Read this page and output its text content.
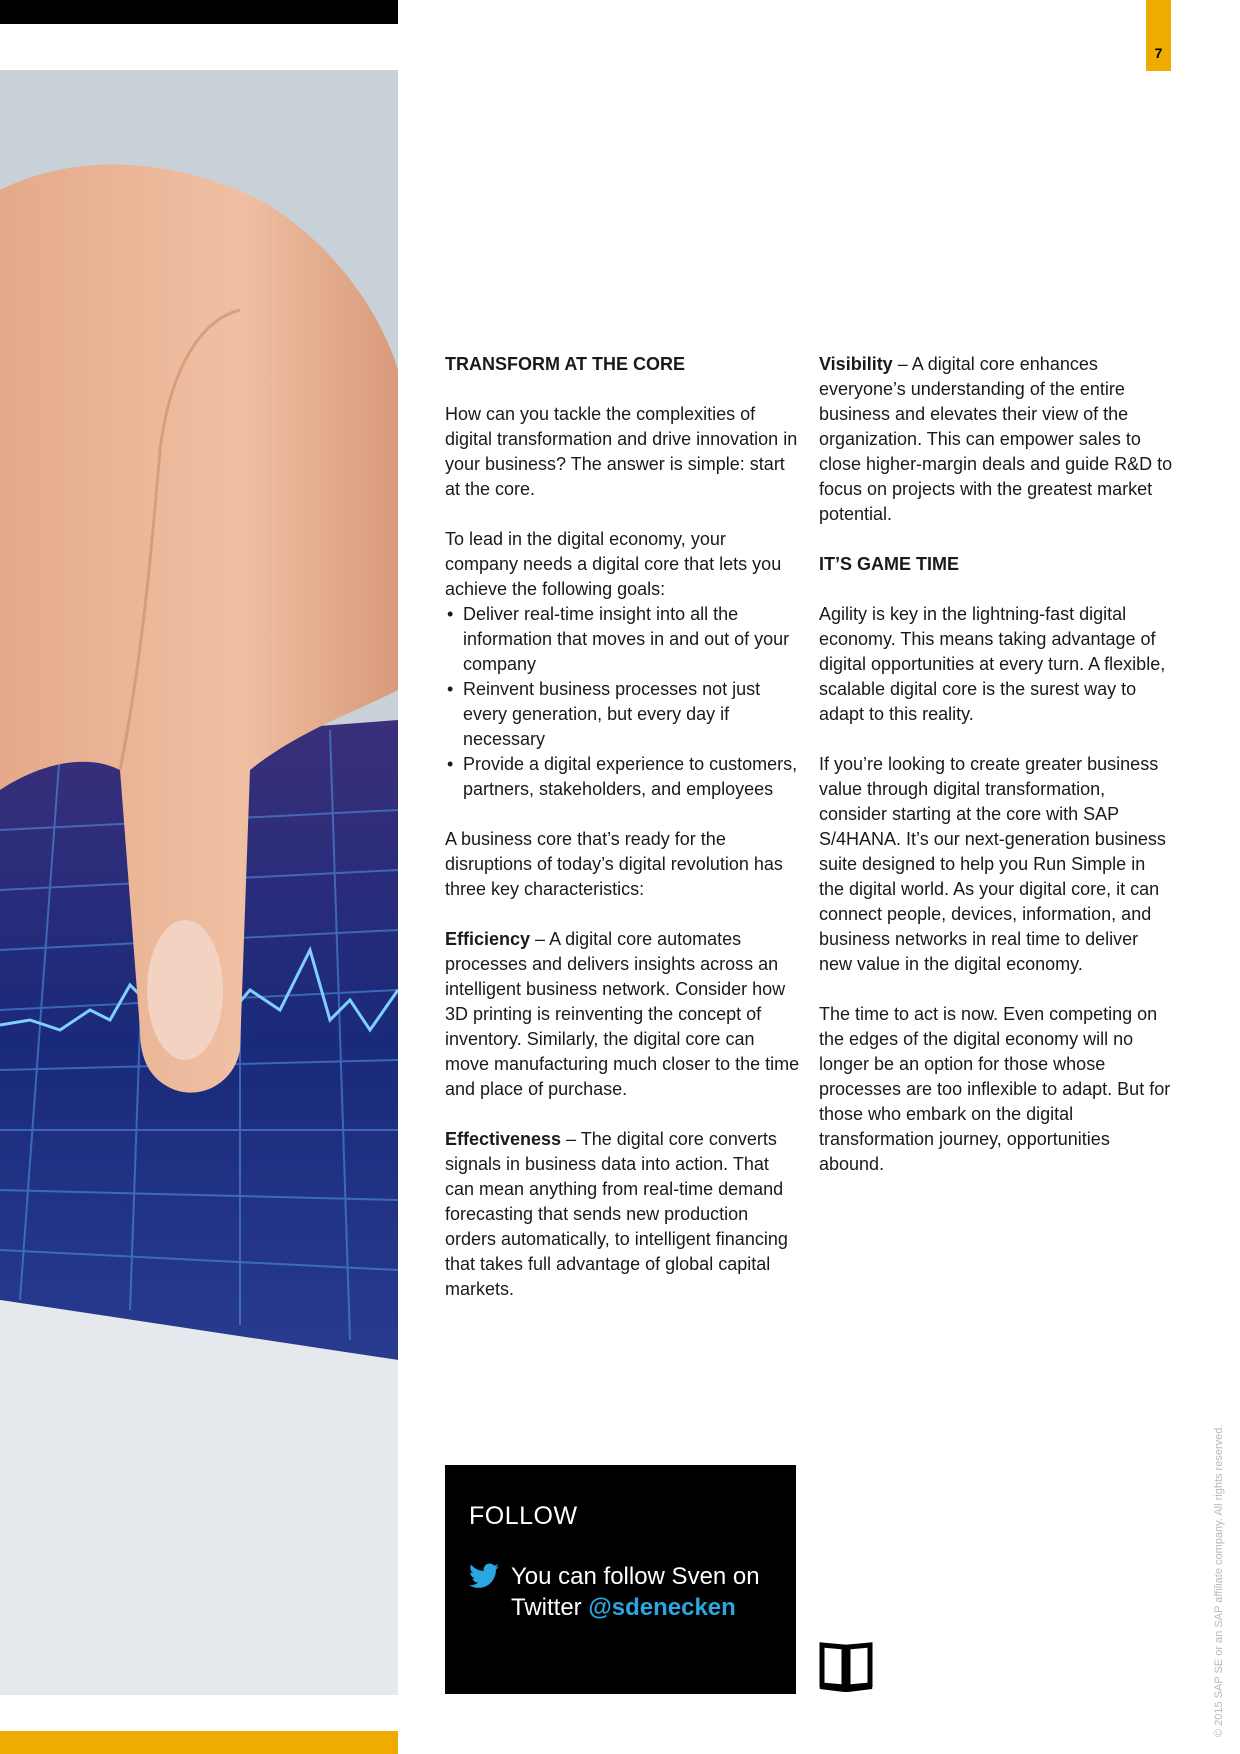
7

TRANSFORM AT THE CORE

How can you tackle the complexities of digital transformation and drive innovation in your business? The answer is simple: start at the core.

To lead in the digital economy, your company needs a digital core that lets you achieve the following goals:

• Deliver real-time insight into all the information that moves in and out of your company
• Reinvent business processes not just every generation, but every day if necessary
• Provide a digital experience to customers, partners, stakeholders, and employees

A business core that’s ready for the disruptions of today’s digital revolution has three key characteristics:

Efficiency – A digital core automates processes and delivers insights across an intelligent business network. Consider how 3D printing is reinventing the concept of inventory. Similarly, the digital core can move manufacturing much closer to the time and place of purchase.

Effectiveness – The digital core converts signals in business data into action. That can mean anything from real-time demand forecasting that sends new production orders automatically, to intelligent financing that takes full advantage of global capital markets.

Visibility – A digital core enhances everyone’s understanding of the entire business and elevates their view of the organization. This can empower sales to close higher-margin deals and guide R&D to focus on projects with the greatest market potential.

IT’S GAME TIME

Agility is key in the lightning-fast digital economy. This means taking advantage of digital opportunities at every turn. A flexible, scalable digital core is the surest way to adapt to this reality.

If you’re looking to create greater business value through digital transformation, consider starting at the core with SAP S/4HANA. It’s our next-generation business suite designed to help you Run Simple in the digital world. As your digital core, it can connect people, devices, information, and business networks in real time to deliver new value in the digital economy.

The time to act is now. Even competing on the edges of the digital economy will no longer be an option for those whose processes are too inflexible to adapt. But for those who embark on the digital transformation journey, opportunities abound.

FOLLOW
You can follow Sven on Twitter @sdenecken	© 2015 SAP SE or an SAP affiliate company. All rights reserved.
